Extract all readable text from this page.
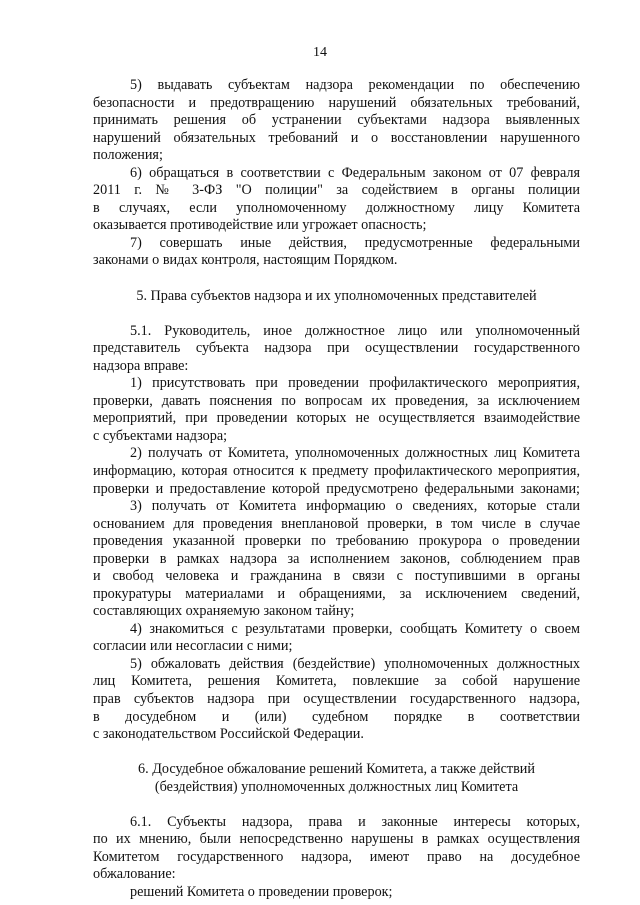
14
5) выдавать субъектам надзора рекомендации по обеспечению
безопасности и предотвращению нарушений обязательных требований,
принимать решения об устранении субъектами надзора выявленных
нарушений обязательных требований и о восстановлении нарушенного
положения;
6) обращаться в соответствии с Федеральным законом от 07 февраля
2011 г. № 3-ФЗ "О полиции" за содействием в органы полиции
в случаях, если уполномоченному должностному лицу Комитета
оказывается противодействие или угрожает опасность;
7) совершать иные действия, предусмотренные федеральными
законами о видах контроля, настоящим Порядком.
5. Права субъектов надзора и их уполномоченных представителей
5.1. Руководитель, иное должностное лицо или уполномоченный
представитель субъекта надзора при осуществлении государственного
надзора вправе:
1) присутствовать при проведении профилактического мероприятия,
проверки, давать пояснения по вопросам их проведения, за исключением
мероприятий, при проведении которых не осуществляется взаимодействие
с субъектами надзора;
2) получать от Комитета, уполномоченных должностных лиц Комитета
информацию, которая относится к предмету профилактического мероприятия,
проверки и предоставление которой предусмотрено федеральными законами;
3) получать от Комитета информацию о сведениях, которые стали
основанием для проведения внеплановой проверки, в том числе в случае
проведения указанной проверки по требованию прокурора о проведении
проверки в рамках надзора за исполнением законов, соблюдением прав
и свобод человека и гражданина в связи с поступившими в органы
прокуратуры материалами и обращениями, за исключением сведений,
составляющих охраняемую законом тайну;
4) знакомиться с результатами проверки, сообщать Комитету о своем
согласии или несогласии с ними;
5) обжаловать действия (бездействие) уполномоченных должностных
лиц Комитета, решения Комитета, повлекшие за собой нарушение
прав субъектов надзора при осуществлении государственного надзора,
в досудебном и (или) судебном порядке в соответствии
с законодательством Российской Федерации.
6. Досудебное обжалование решений Комитета, а также действий
(бездействия) уполномоченных должностных лиц Комитета
6.1. Субъекты надзора, права и законные интересы которых,
по их мнению, были непосредственно нарушены в рамках осуществления
Комитетом государственного надзора, имеют право на досудебное
обжалование:
решений Комитета о проведении проверок;
